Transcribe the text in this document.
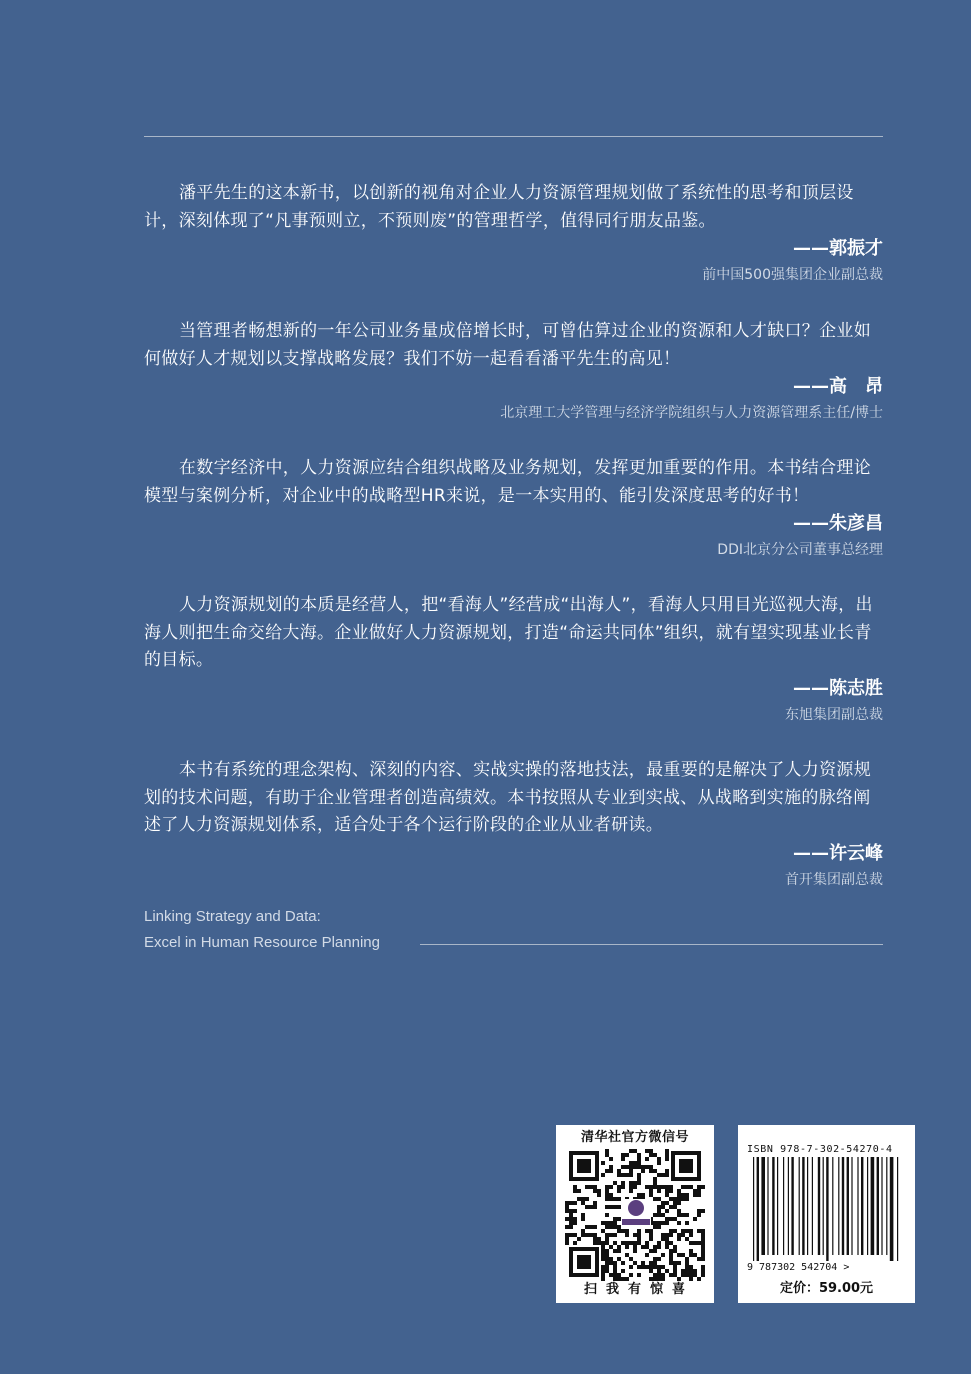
潘平先生的这本新书，以创新的视角对企业人力资源管理规划做了系统性的思考和顶层设计，深刻体现了“凡事预则立，不预则废”的管理哲学，值得同行朋友品鉴。

——郭振才
前中国500强集团企业副总裁

当管理者畅想新的一年公司业务量成倍增长时，可曾估算过企业的资源和人才缺口？企业如何做好人才规划以支撑战略发展？我们不妨一起看看潘平先生的高见！

——高　昂
北京理工大学管理与经济学院组织与人力资源管理系主任/博士

在数字经济中，人力资源应结合组织战略及业务规划，发挥更加重要的作用。本书结合理论模型与案例分析，对企业中的战略型HR来说，是一本实用的、能引发深度思考的好书！

——朱彦昌
DDI北京分公司董事总经理

人力资源规划的本质是经营人，把“看海人”经营成“出海人”，看海人只用目光巡视大海，出海人则把生命交给大海。企业做好人力资源规划，打造“命运共同体”组织，就有望实现基业长青的目标。

——陈志胜
东旭集团副总裁

本书有系统的理念架构、深刻的内容、实战实操的落地技法，最重要的是解决了人力资源规划的技术问题，有助于企业管理者创造高绩效。本书按照从专业到实战、从战略到实施的脉络阐述了人力资源规划体系，适合处于各个运行阶段的企业从业者研读。

——许云峰
首开集团副总裁
Linking Strategy and Data:
Excel in Human Resource Planning
清华社官方微信号
扫我有惊喜
ISBN 978-7-302-54270-4
9 787302 542704 >
定价：59.00元
